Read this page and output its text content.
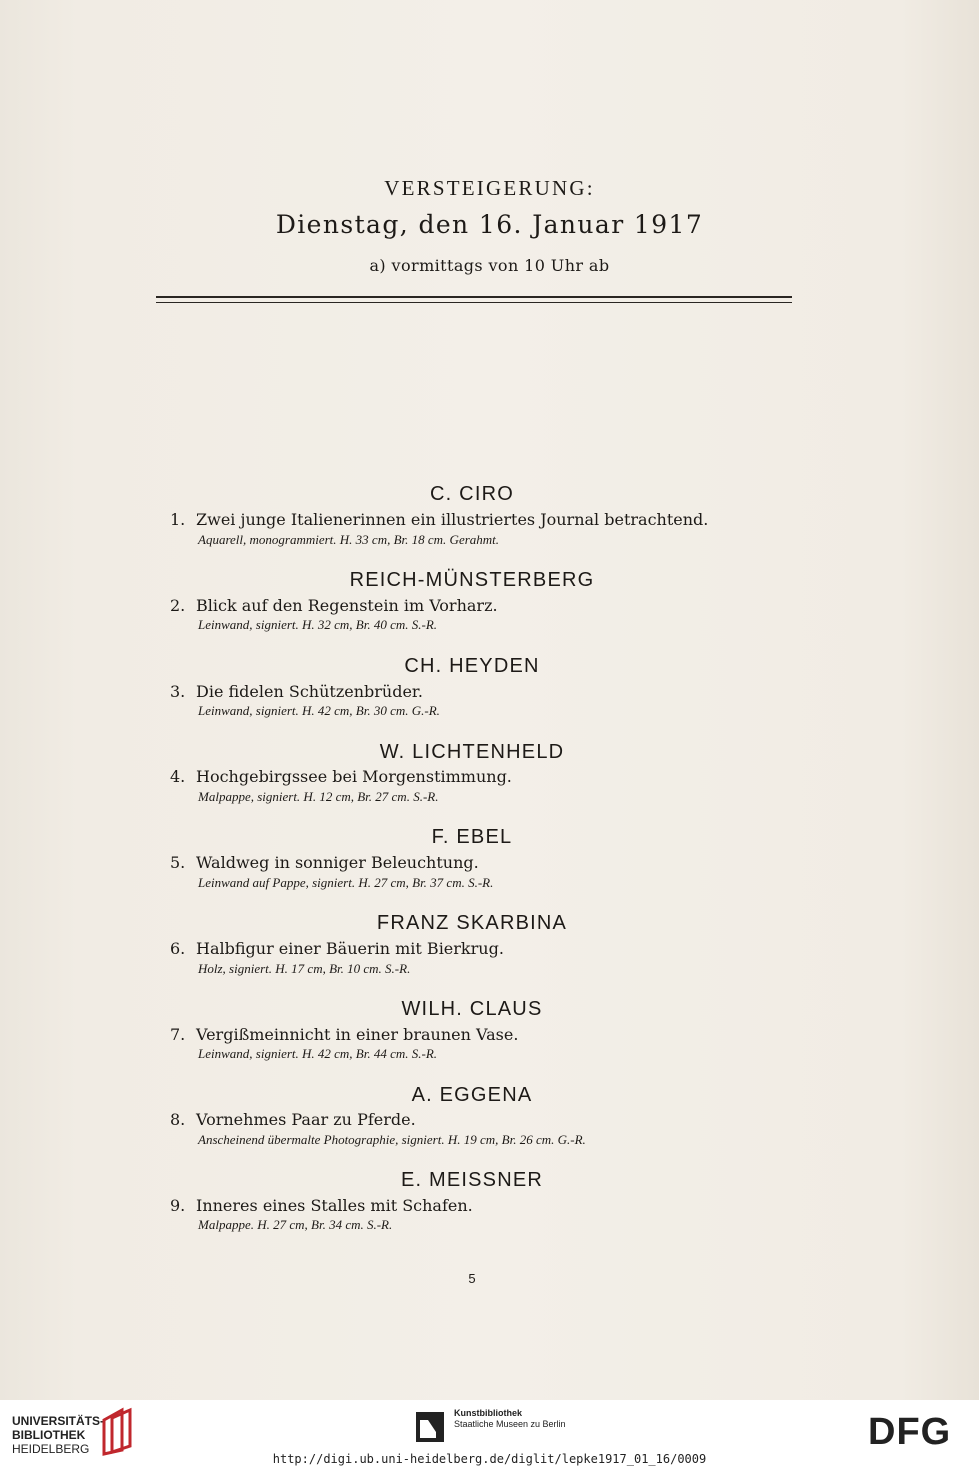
VERSTEIGERUNG:
Dienstag, den 16. Januar 1917
a) vormittags von 10 Uhr ab
C. CIRO
1. Zwei junge Italienerinnen ein illustriertes Journal betrachtend.
Aquarell, monogrammiert. H. 33 cm, Br. 18 cm. Gerahmt.
REICH-MÜNSTERBERG
2. Blick auf den Regenstein im Vorharz.
Leinwand, signiert. H. 32 cm, Br. 40 cm. S.-R.
CH. HEYDEN
3. Die fidelen Schützenbrüder.
Leinwand, signiert. H. 42 cm, Br. 30 cm. G.-R.
W. LICHTENHELD
4. Hochgebirgssee bei Morgenstimmung.
Malpappe, signiert. H. 12 cm, Br. 27 cm. S.-R.
F. EBEL
5. Waldweg in sonniger Beleuchtung.
Leinwand auf Pappe, signiert. H. 27 cm, Br. 37 cm. S.-R.
FRANZ SKARBINA
6. Halbfigur einer Bäuerin mit Bierkrug.
Holz, signiert. H. 17 cm, Br. 10 cm. S.-R.
WILH. CLAUS
7. Vergißmeinnicht in einer braunen Vase.
Leinwand, signiert. H. 42 cm, Br. 44 cm. S.-R.
A. EGGENA
8. Vornehmes Paar zu Pferde.
Anscheinend übermalte Photographie, signiert. H. 19 cm, Br. 26 cm. G.-R.
E. MEISSNER
9. Inneres eines Stalles mit Schafen.
Malpappe. H. 27 cm, Br. 34 cm. S.-R.
5
UNIVERSITÄTS-
BIBLIOTHEK
HEIDELBERG
Kunstbibliothek
Staatliche Museen zu Berlin	DFG
http://digi.ub.uni-heidelberg.de/diglit/lepke1917_01_16/0009
